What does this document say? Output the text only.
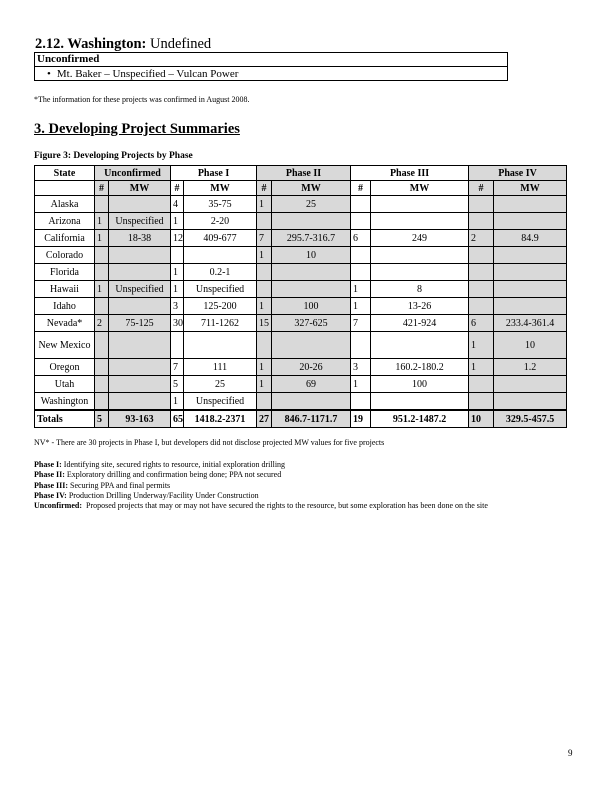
2.12. Washington: Undefined
Unconfirmed
• Mt. Baker – Unspecified – Vulcan Power
*The information for these projects was confirmed in August 2008.
3. Developing Project Summaries
Figure 3: Developing Projects by Phase
State	Unconfirmed		Phase I		Phase II		Phase III		Phase IV	
	#	MW	#	MW	#	MW	#	MW	#	MW
Alaska			4	35-75	1	25				
Arizona	1	Unspecified	1	2-20						
California	1	18-38	12	409-677	7	295.7-316.7	6	249	2	84.9
Colorado					1	10				
Florida			1	0.2-1						
Hawaii	1	Unspecified	1	Unspecified			1	8		
Idaho			3	125-200	1	100	1	13-26		
Nevada*	2	75-125	30	711-1262	15	327-625	7	421-924	6	233.4-361.4
New Mexico									1	10
Oregon			7	111	1	20-26	3	160.2-180.2	1	1.2
Utah			5	25	1	69	1	100		
Washington			1	Unspecified						
Totals	5	93-163	65	1418.2-2371	27	846.7-1171.7	19	951.2-1487.2	10	329.5-457.5
NV* - There are 30 projects in Phase I, but developers did not disclose projected MW values for five projects
Phase I: Identifying site, secured rights to resource, initial exploration drilling
Phase II: Exploratory drilling and confirmation being done; PPA not secured
Phase III: Securing PPA and final permits
Phase IV: Production Drilling Underway/Facility Under Construction
Unconfirmed:  Proposed projects that may or may not have secured the rights to the resource, but some exploration has been done on the site
9
